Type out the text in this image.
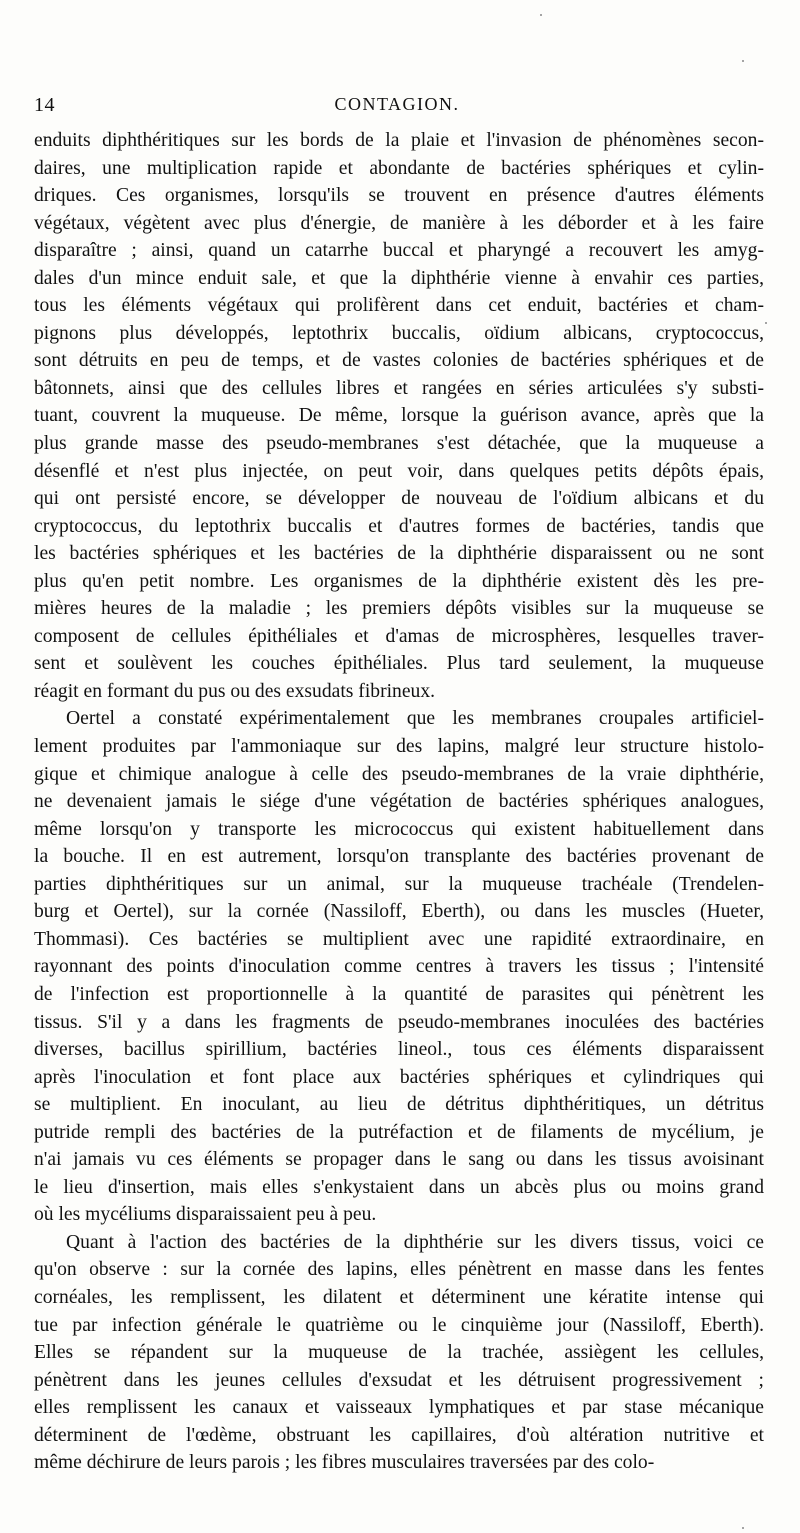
14	CONTAGION.
enduits diphthéritiques sur les bords de la plaie et l'invasion de phénomènes secon-
daires, une multiplication rapide et abondante de bactéries sphériques et cylin-
driques. Ces organismes, lorsqu'ils se trouvent en présence d'autres éléments
végétaux, végètent avec plus d'énergie, de manière à les déborder et à les faire
disparaître ; ainsi, quand un catarrhe buccal et pharyngé a recouvert les amyg-
dales d'un mince enduit sale, et que la diphthérie vienne à envahir ces parties,
tous les éléments végétaux qui prolifèrent dans cet enduit, bactéries et cham-
pignons plus développés, leptothrix buccalis, oïdium albicans, cryptococcus,
sont détruits en peu de temps, et de vastes colonies de bactéries sphériques et de
bâtonnets, ainsi que des cellules libres et rangées en séries articulées s'y substi-
tuant, couvrent la muqueuse. De même, lorsque la guérison avance, après que la
plus grande masse des pseudo-membranes s'est détachée, que la muqueuse a
désenflé et n'est plus injectée, on peut voir, dans quelques petits dépôts épais,
qui ont persisté encore, se développer de nouveau de l'oïdium albicans et du
cryptococcus, du leptothrix buccalis et d'autres formes de bactéries, tandis que
les bactéries sphériques et les bactéries de la diphthérie disparaissent ou ne sont
plus qu'en petit nombre. Les organismes de la diphthérie existent dès les pre-
mières heures de la maladie ; les premiers dépôts visibles sur la muqueuse se
composent de cellules épithéliales et d'amas de microsphères, lesquelles traver-
sent et soulèvent les couches épithéliales. Plus tard seulement, la muqueuse
réagit en formant du pus ou des exsudats fibrineux.
Oertel a constaté expérimentalement que les membranes croupales artificiel-
lement produites par l'ammoniaque sur des lapins, malgré leur structure histolo-
gique et chimique analogue à celle des pseudo-membranes de la vraie diphthérie,
ne devenaient jamais le siége d'une végétation de bactéries sphériques analogues,
même lorsqu'on y transporte les micrococcus qui existent habituellement dans
la bouche. Il en est autrement, lorsqu'on transplante des bactéries provenant de
parties diphthéritiques sur un animal, sur la muqueuse trachéale (Trendelen-
burg et Oertel), sur la cornée (Nassiloff, Eberth), ou dans les muscles (Hueter,
Thommasi). Ces bactéries se multiplient avec une rapidité extraordinaire, en
rayonnant des points d'inoculation comme centres à travers les tissus ; l'intensité
de l'infection est proportionnelle à la quantité de parasites qui pénètrent les
tissus. S'il y a dans les fragments de pseudo-membranes inoculées des bactéries
diverses, bacillus spirillium, bactéries lineol., tous ces éléments disparaissent
après l'inoculation et font place aux bactéries sphériques et cylindriques qui
se multiplient. En inoculant, au lieu de détritus diphthéritiques, un détritus
putride rempli des bactéries de la putréfaction et de filaments de mycélium, je
n'ai jamais vu ces éléments se propager dans le sang ou dans les tissus avoisinant
le lieu d'insertion, mais elles s'enkystaient dans un abcès plus ou moins grand
où les mycéliums disparaissaient peu à peu.
Quant à l'action des bactéries de la diphthérie sur les divers tissus, voici ce
qu'on observe : sur la cornée des lapins, elles pénètrent en masse dans les fentes
cornéales, les remplissent, les dilatent et déterminent une kératite intense qui
tue par infection générale le quatrième ou le cinquième jour (Nassiloff, Eberth).
Elles se répandent sur la muqueuse de la trachée, assiègent les cellules,
pénètrent dans les jeunes cellules d'exsudat et les détruisent progressivement ;
elles remplissent les canaux et vaisseaux lymphatiques et par stase mécanique
déterminent de l'œdème, obstruant les capillaires, d'où altération nutritive et
même déchirure de leurs parois ; les fibres musculaires traversées par des colo-
